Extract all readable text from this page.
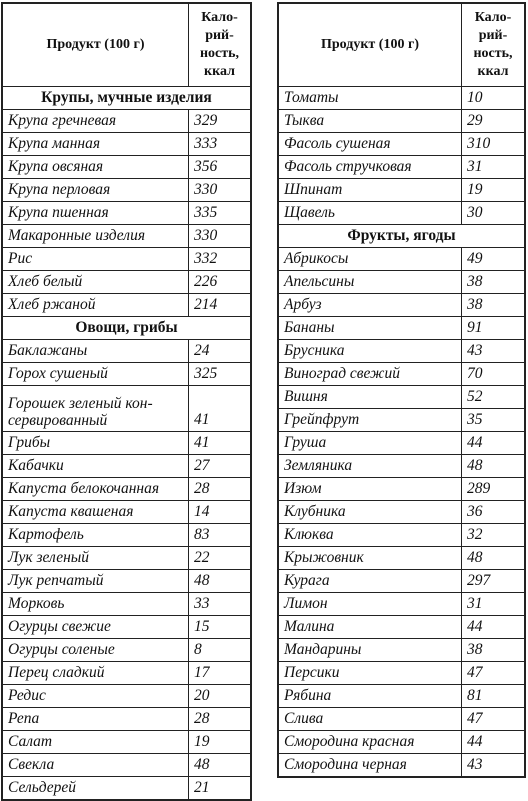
Продукт (100 г)	Кало-
рий-
ность,
ккал
Крупы, мучные изделия	
Крупа гречневая	329
Крупа манная	333
Крупа овсяная	356
Крупа перловая	330
Крупа пшенная	335
Макаронные изделия	330
Рис	332
Хлеб белый	226
Хлеб ржаной	214
Овощи, грибы	
Баклажаны	24
Горох сушеный	325
Горошек зеленый кон-сервированный	41
Грибы	41
Кабачки	27
Капуста белокочанная	28
Капуста квашеная	14
Картофель	83
Лук зеленый	22
Лук репчатый	48
Морковь	33
Огурцы свежие	15
Огурцы соленые	8
Перец сладкий	17
Редис	20
Репа	28
Салат	19
Свекла	48
Сельдерей	21
Продукт (100 г)	Кало-
рий-
ность,
ккал
Томаты	10
Тыква	29
Фасоль сушеная	310
Фасоль стручковая	31
Шпинат	19
Щавель	30
Фрукты, ягоды	
Абрикосы	49
Апельсины	38
Арбуз	38
Бананы	91
Брусника	43
Виноград свежий	70
Вишня	52
Грейпфрут	35
Груша	44
Земляника	48
Изюм	289
Клубника	36
Клюква	32
Крыжовник	48
Курага	297
Лимон	31
Малина	44
Мандарины	38
Персики	47
Рябина	81
Слива	47
Смородина красная	44
Смородина черная	43
